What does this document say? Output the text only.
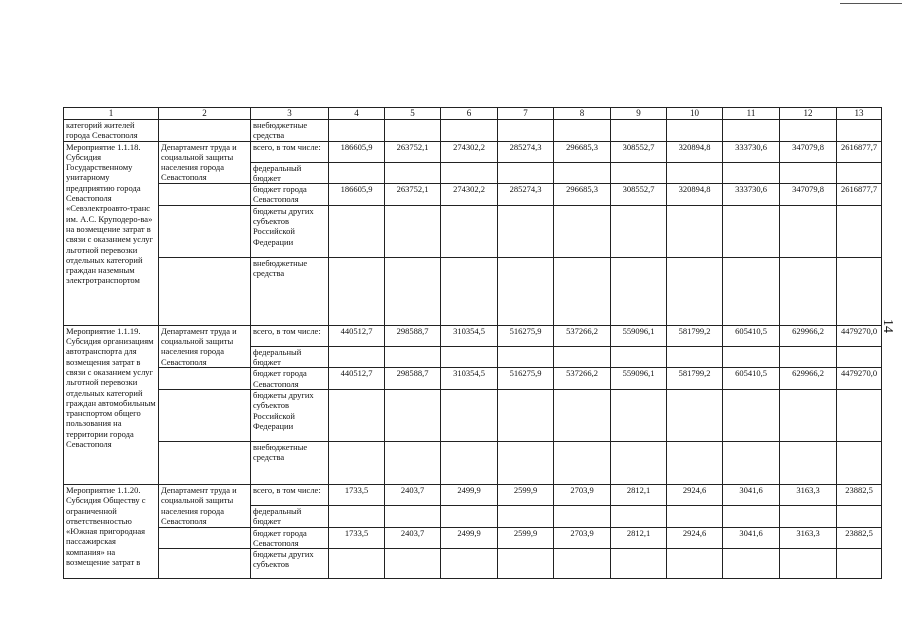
14
1	2	3	4	5	6	7	8	9	10	11	12	13
категорий жителей города Севастополя		внебюджетные средства										
Мероприятие 1.1.18. Субсидия Государственному унитарному предприятию города Севастополя «Севэлектроавто-транс им. А.С. Круподеро-ва» на возмещение затрат в связи с оказанием услуг льготной перевозки отдельных категорий граждан наземным электротранспортом	Департамент труда и социальной защиты населения города Севастополя	всего, в том числе:	186605,9	263752,1	274302,2	285274,3	296685,3	308552,7	320894,8	333730,6	347079,8	2616877,7
		федеральный бюджет										
		бюджет города Севастополя	186605,9	263752,1	274302,2	285274,3	296685,3	308552,7	320894,8	333730,6	347079,8	2616877,7
		бюджеты других субъектов Российской Федерации										
		внебюджетные средства										
Мероприятие 1.1.19. Субсидия организациям автотранспорта для возмещения затрат в связи с оказанием услуг льготной перевозки отдельных категорий граждан автомобильным транспортом общего пользования на территории города Севастополя	Департамент труда и социальной защиты населения города Севастополя	всего, в том числе:	440512,7	298588,7	310354,5	516275,9	537266,2	559096,1	581799,2	605410,5	629966,2	4479270,0
		федеральный бюджет										
		бюджет города Севастополя	440512,7	298588,7	310354,5	516275,9	537266,2	559096,1	581799,2	605410,5	629966,2	4479270,0
		бюджеты других субъектов Российской Федерации										
		внебюджетные средства										
Мероприятие 1.1.20. Субсидия Обществу с ограниченной ответственностью «Южная пригородная пассажирская компания» на возмещение затрат в	Департамент труда и социальной защиты населения города Севастополя	всего, в том числе:	1733,5	2403,7	2499,9	2599,9	2703,9	2812,1	2924,6	3041,6	3163,3	23882,5
		федеральный бюджет										
		бюджет города Севастополя	1733,5	2403,7	2499,9	2599,9	2703,9	2812,1	2924,6	3041,6	3163,3	23882,5
		бюджеты других субъектов										
